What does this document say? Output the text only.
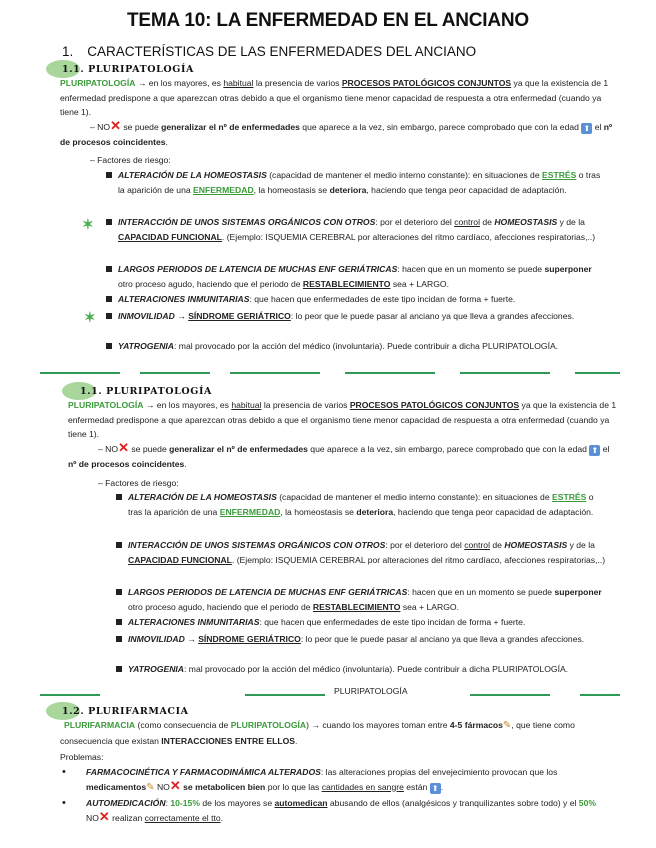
TEMA 10: LA ENFERMEDAD EN EL ANCIANO
1. CARACTERÍSTICAS DE LAS ENFERMEDADES DEL ANCIANO
1.1. PLURIPATOLOGÍA
PLURIPATOLOGÍA → en los mayores, es habitual la presencia de varios PROCESOS PATOLÓGICOS CONJUNTOS ya que la existencia de 1 enfermedad predispone a que aparezcan otras debido a que el organismo tiene menor capacidad de respuesta a otra enfermedad (cuando ya tiene 1).
– NO✕ se puede generalizar el nº de enfermedades que aparece a la vez, sin embargo, parece comprobado que con la edad ⬆ el nº de procesos coincidentes.
– Factores de riesgo:
ALTERACIÓN DE LA HOMEOSTASIS (capacidad de mantener el medio interno constante): en situaciones de ESTRÉS o tras la aparición de una ENFERMEDAD, la homeostasis se deteriora, haciendo que tenga peor capacidad de adaptación.
✶	INTERACCIÓN DE UNOS SISTEMAS ORGÁNICOS CON OTROS: por el deterioro del control de HOMEOSTASIS y de la CAPACIDAD FUNCIONAL. (Ejemplo: ISQUEMIA CEREBRAL por alteraciones del ritmo cardíaco, afecciones respiratorias,..)
LARGOS PERIODOS DE LATENCIA DE MUCHAS ENF GERIÁTRICAS: hacen que en un momento se puede superponer otro proceso agudo, haciendo que el periodo de RESTABLECIMIENTO sea + LARGO.
ALTERACIONES INMUNITARIAS: que hacen que enfermedades de este tipo incidan de forma + fuerte.
✶	INMOVILIDAD → SÍNDROME GERIÁTRICO: lo peor que le puede pasar al anciano ya que lleva a grandes afecciones.
YATROGENIA: mal provocado por la acción del médico (involuntaria). Puede contribuir a dicha PLURIPATOLOGÍA.
1.1. PLURIPATOLOGÍA
PLURIPATOLOGÍA → en los mayores, es habitual la presencia de varios PROCESOS PATOLÓGICOS CONJUNTOS ya que la existencia de 1 enfermedad predispone a que aparezcan otras debido a que el organismo tiene menor capacidad de respuesta a otra enfermedad (cuando ya tiene 1).
– NO✕ se puede generalizar el nº de enfermedades que aparece a la vez, sin embargo, parece comprobado que con la edad ⬆ el nº de procesos coincidentes.
– Factores de riesgo:
ALTERACIÓN DE LA HOMEOSTASIS (capacidad de mantener el medio interno constante): en situaciones de ESTRÉS o tras la aparición de una ENFERMEDAD, la homeostasis se deteriora, haciendo que tenga peor capacidad de adaptación.
INTERACCIÓN DE UNOS SISTEMAS ORGÁNICOS CON OTROS: por el deterioro del control de HOMEOSTASIS y de la CAPACIDAD FUNCIONAL. (Ejemplo: ISQUEMIA CEREBRAL por alteraciones del ritmo cardíaco, afecciones respiratorias,..)
LARGOS PERIODOS DE LATENCIA DE MUCHAS ENF GERIÁTRICAS: hacen que en un momento se puede superponer otro proceso agudo, haciendo que el periodo de RESTABLECIMIENTO sea + LARGO.
ALTERACIONES INMUNITARIAS: que hacen que enfermedades de este tipo incidan de forma + fuerte.
INMOVILIDAD → SÍNDROME GERIÁTRICO: lo peor que le puede pasar al anciano ya que lleva a grandes afecciones.
YATROGENIA: mal provocado por la acción del médico (involuntaria). Puede contribuir a dicha PLURIPATOLOGÍA.
PLURIPATOLOGÍA
1.2. PLURIFARMACIA
PLURIFARMACIA (como consecuencia de PLURIPATOLOGÍA) → cuando los mayores toman entre 4-5 fármacos✎, que tiene como consecuencia que existan INTERACCIONES ENTRE ELLOS.
Problemas:
• FARMACOCINÉTICA Y FARMACODINÁMICA ALTERADOS: las alteraciones propias del envejecimiento provocan que los medicamentos✎ NO✕ se metabolicen bien por lo que las cantidades en sangre están ⬆ .
• AUTOMEDICACIÓN: 10-15% de los mayores se automedican abusando de ellos (analgésicos y tranquilizantes sobre todo) y el 50% NO✕ realizan correctamente el tto.
